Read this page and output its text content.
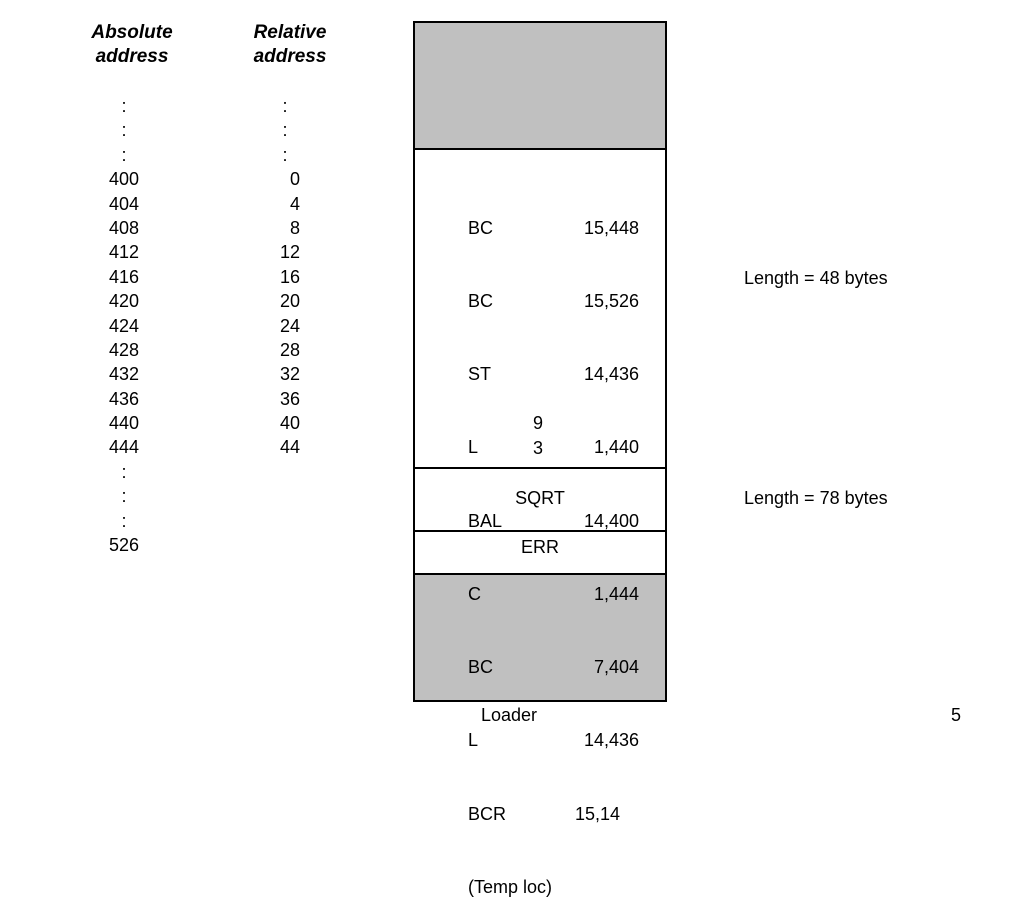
Absolute
address
Relative
address
:
:
:
400
404
408
412
416
420
424
428
432
436
440
444
:
:
:
526
:
:
:
0
4
8
12
16
20
24
28
32
36
40
44

BC

BC

ST

L

BAL

C

BC

L

BCR

(Temp loc)

15,448

15,526

14,436

1,440

14,400

1,444

7,404

14,436

15,14

9
3
SQRT
ERR
Length = 48 bytes
Length = 78 bytes
Loader	5
